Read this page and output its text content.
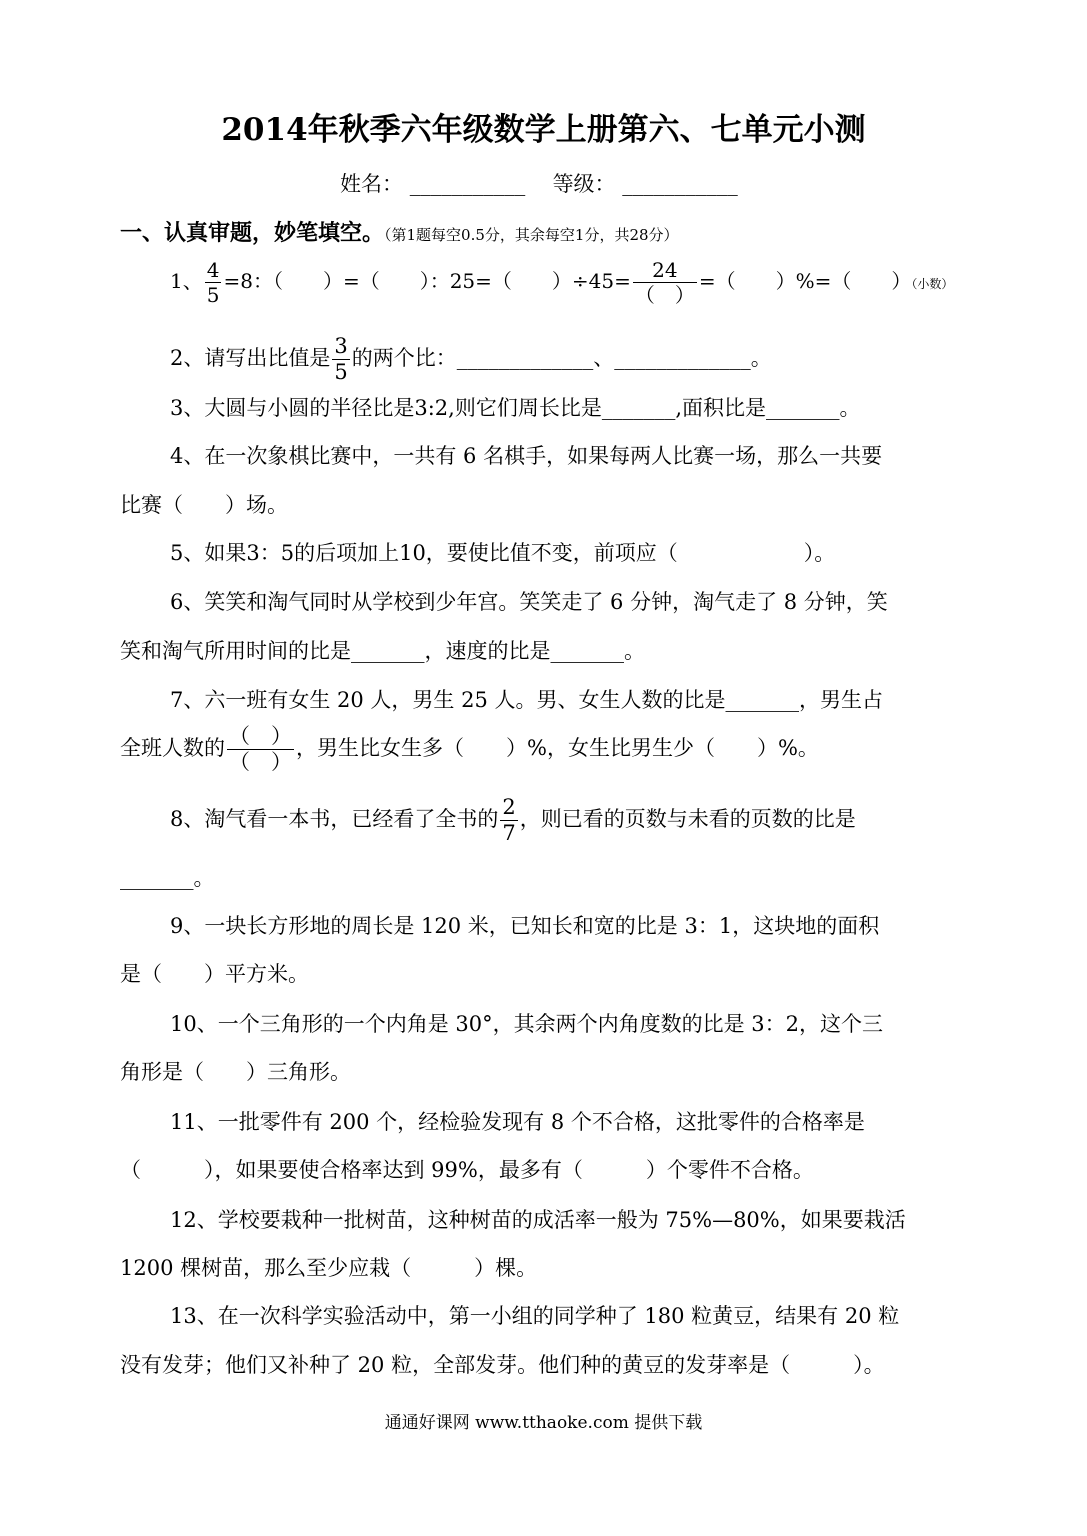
2014年秋季六年级数学上册第六、七单元小测
姓名： ___________ 等级： ___________
一、认真审题，妙笔填空。（第1题每空0.5分，其余每空1分，共28分）
1、 $\frac{4}{5} =8$：（　　）=（　　）：25=（　　）$\div 45= \frac{24}{( )}$ =（　　）%=（　　）（小数）
2、请写出比值是 $\frac{3}{5}$ 的两个比：_____________、_____________。
3、大圆与小圆的半径比是3:2,则它们周长比是_______,面积比是_______。
4、在一次象棋比赛中，一共有 6 名棋手，如果每两人比赛一场，那么一共要
比赛（　　）场。
5、如果3：5的后项加上10，要使比值不变，前项应（　　　　　　）。
6、笑笑和淘气同时从学校到少年宫。笑笑走了 6 分钟，淘气走了 8 分钟，笑
笑和淘气所用时间的比是_______，速度的比是_______。
7、六一班有女生 20 人，男生 25 人。男、女生人数的比是_______，男生占
全班人数的 $\frac{( )}{( )}$ ，男生比女生多（　　）%，女生比男生少（　　）%。
8、淘气看一本书，已经看了全书的 $\frac{2}{7}$ ，则已看的页数与未看的页数的比是
_______。
9、一块长方形地的周长是 120 米，已知长和宽的比是 3：1，这块地的面积
是（　　）平方米。
10、一个三角形的一个内角是 30°，其余两个内角度数的比是 3：2，这个三
角形是（　　）三角形。
11、一批零件有 200 个，经检验发现有 8 个不合格，这批零件的合格率是
（　　　），如果要使合格率达到 99%，最多有（　　　）个零件不合格。
12、学校要栽种一批树苗，这种树苗的成活率一般为 75%—80%，如果要栽活
1200 棵树苗，那么至少应栽（　　　）棵。
13、在一次科学实验活动中，第一小组的同学种了 180 粒黄豆，结果有 20 粒
没有发芽；他们又补种了 20 粒，全部发芽。他们种的黄豆的发芽率是（　　　）。
通通好课网 www.tthaoke.com 提供下载
